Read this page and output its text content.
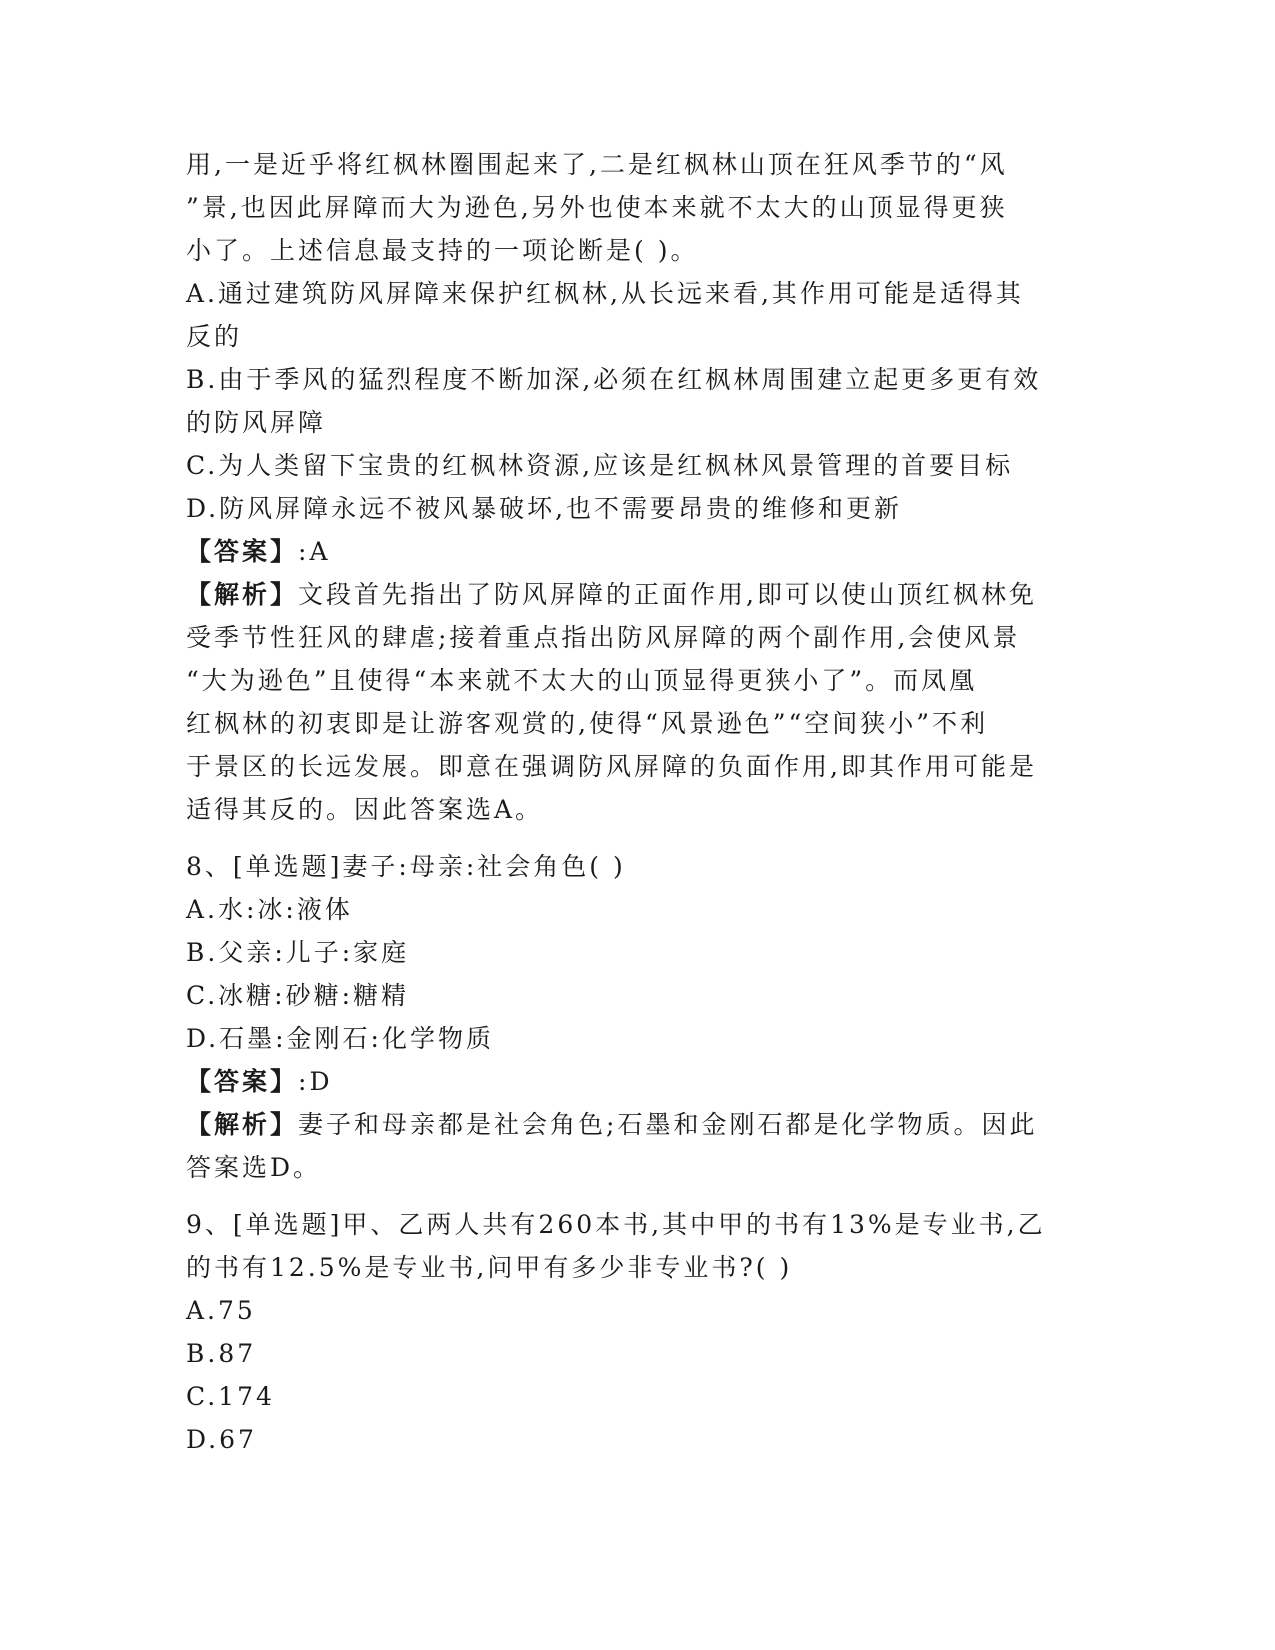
用,一是近乎将红枫林圈围起来了,二是红枫林山顶在狂风季节的“风
”景,也因此屏障而大为逊色,另外也使本来就不太大的山顶显得更狭
小了。上述信息最支持的一项论断是( )。
A.通过建筑防风屏障来保护红枫林,从长远来看,其作用可能是适得其
反的
B.由于季风的猛烈程度不断加深,必须在红枫林周围建立起更多更有效
的防风屏障
C.为人类留下宝贵的红枫林资源,应该是红枫林风景管理的首要目标
D.防风屏障永远不被风暴破坏,也不需要昂贵的维修和更新
【答案】:A
【解析】文段首先指出了防风屏障的正面作用,即可以使山顶红枫林免
受季节性狂风的肆虐;接着重点指出防风屏障的两个副作用,会使风景
“大为逊色”且使得“本来就不太大的山顶显得更狭小了”。而凤凰
红枫林的初衷即是让游客观赏的,使得“风景逊色”“空间狭小”不利
于景区的长远发展。即意在强调防风屏障的负面作用,即其作用可能是
适得其反的。因此答案选A。
8、[单选题]妻子:母亲:社会角色( )
A.水:冰:液体
B.父亲:儿子:家庭
C.冰糖:砂糖:糖精
D.石墨:金刚石:化学物质
【答案】:D
【解析】妻子和母亲都是社会角色;石墨和金刚石都是化学物质。因此
答案选D。
9、[单选题]甲、乙两人共有260本书,其中甲的书有13%是专业书,乙
的书有12.5%是专业书,问甲有多少非专业书?( )
A.75
B.87
C.174
D.67
